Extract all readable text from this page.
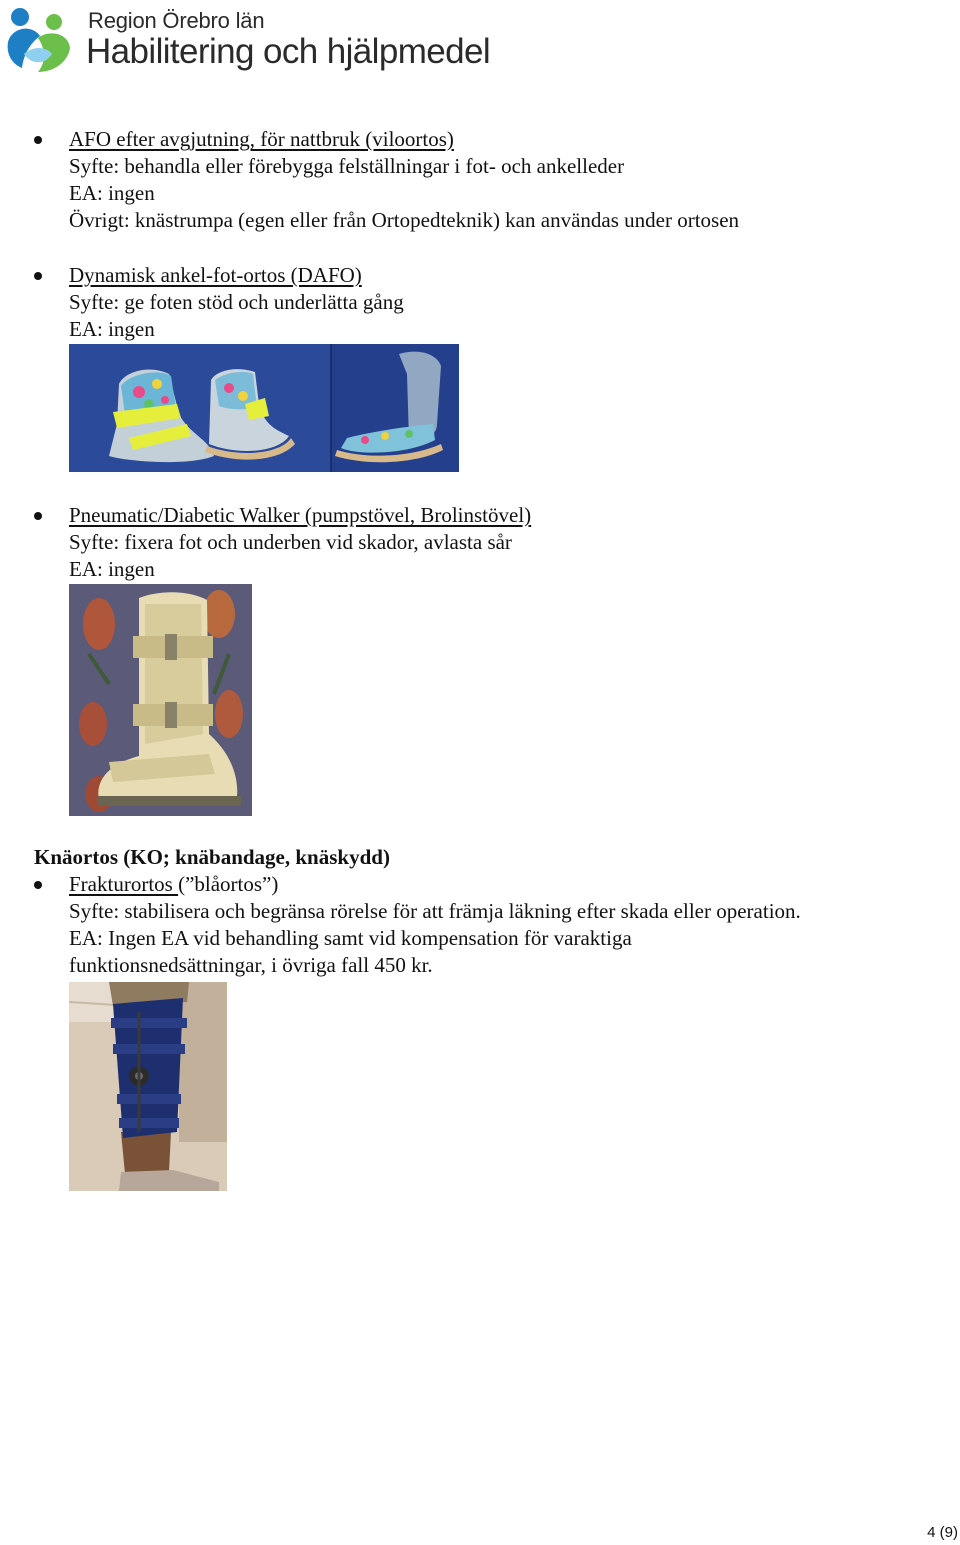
Region Örebro län
Habilitering och hjälpmedel

AFO efter avgjutning, för nattbruk (viloortos)

Syfte: behandla eller förebygga felställningar i fot- och ankelleder

EA: ingen

Övrigt: knästrumpa (egen eller från Ortopedteknik) kan användas under ortosen

Dynamisk ankel-fot-ortos (DAFO)

Syfte: ge foten stöd och underlätta gång

EA: ingen

Pneumatic/Diabetic Walker (pumpstövel, Brolinstövel)

Syfte: fixera fot och underben vid skador, avlasta sår

EA: ingen

Knäortos (KO; knäbandage, knäskydd)

Frakturortos (”blåortos”)

Syfte: stabilisera och begränsa rörelse för att främja läkning efter skada eller operation.

EA: Ingen EA vid behandling samt vid kompensation för varaktiga

funktionsnedsättningar, i övriga fall 450 kr.

4 (9)
